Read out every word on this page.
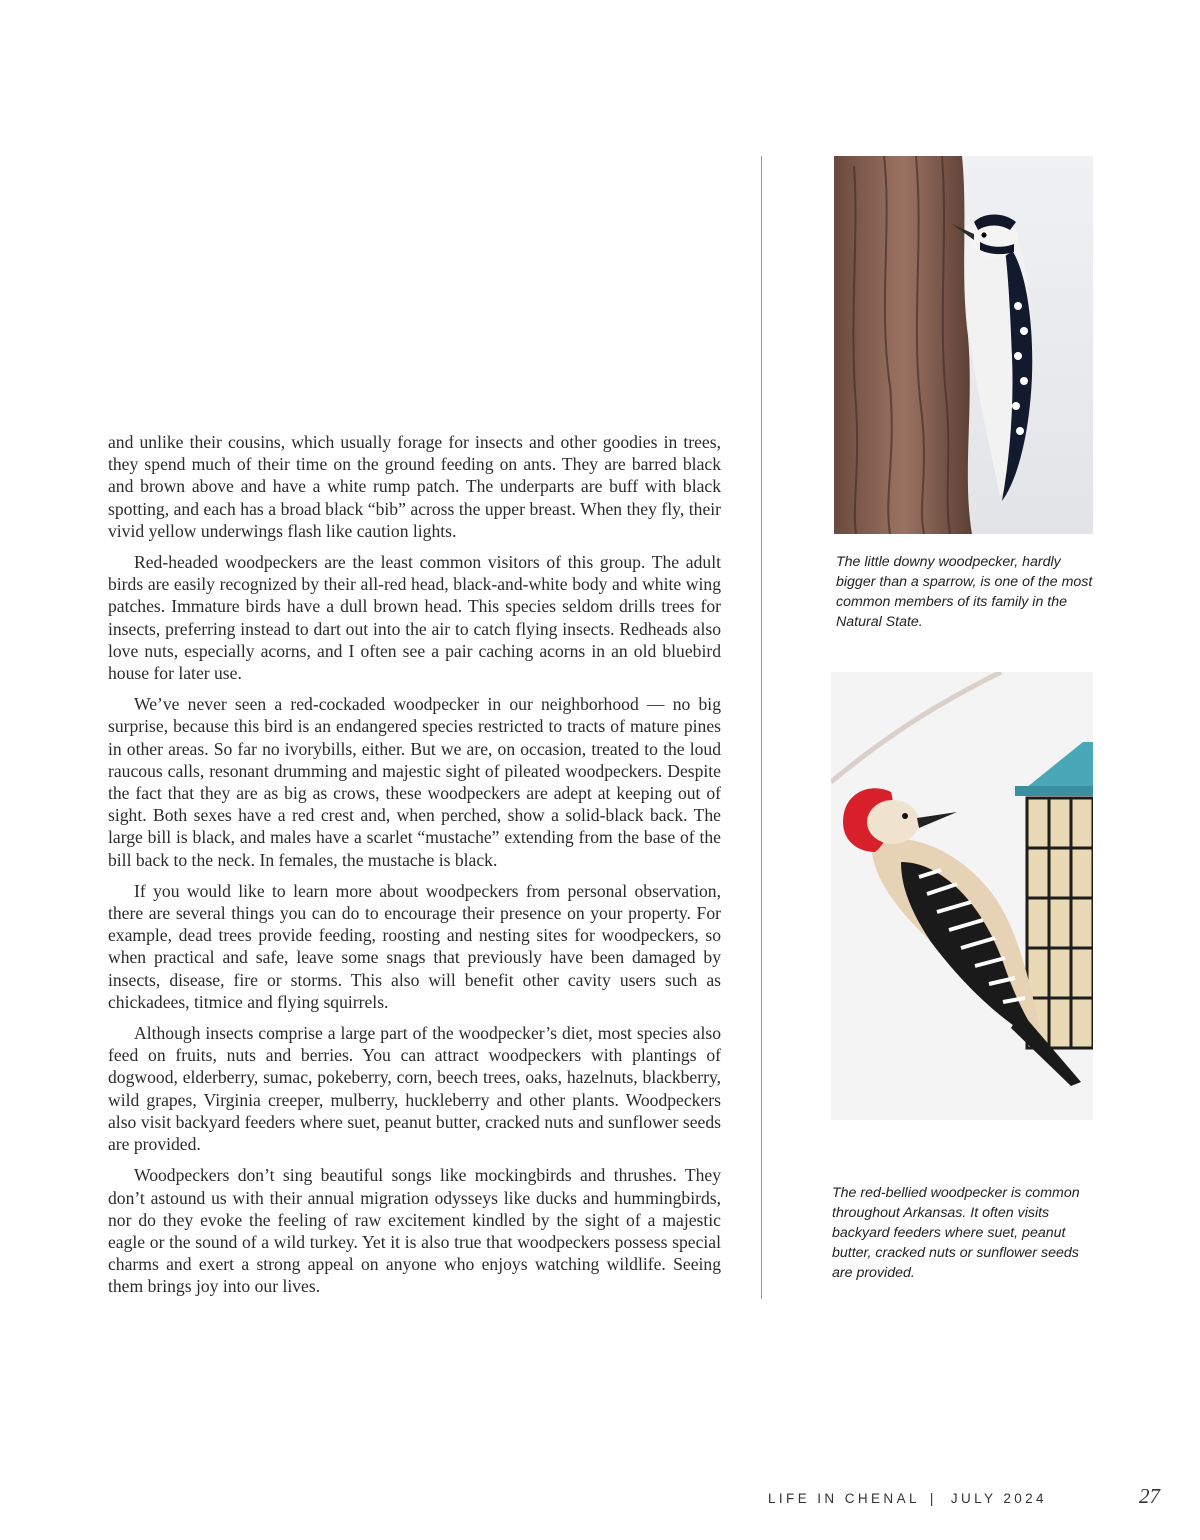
and unlike their cousins, which usually forage for insects and other goodies in trees, they spend much of their time on the ground feeding on ants. They are barred black and brown above and have a white rump patch. The underparts are buff with black spotting, and each has a broad black “bib” across the upper breast. When they fly, their vivid yellow underwings flash like caution lights.

Red-headed woodpeckers are the least common visitors of this group. The adult birds are easily recognized by their all-red head, black-and-white body and white wing patches. Immature birds have a dull brown head. This species seldom drills trees for insects, preferring instead to dart out into the air to catch flying insects. Redheads also love nuts, especially acorns, and I often see a pair caching acorns in an old bluebird house for later use.

We’ve never seen a red-cockaded woodpecker in our neighborhood — no big surprise, because this bird is an endangered species restricted to tracts of mature pines in other areas. So far no ivorybills, either. But we are, on occasion, treated to the loud raucous calls, resonant drumming and majestic sight of pileated woodpeckers. Despite the fact that they are as big as crows, these woodpeckers are adept at keeping out of sight. Both sexes have a red crest and, when perched, show a solid-black back. The large bill is black, and males have a scarlet “mustache” extending from the base of the bill back to the neck. In females, the mustache is black.

If you would like to learn more about woodpeckers from personal observation, there are several things you can do to encourage their presence on your property. For example, dead trees provide feeding, roosting and nesting sites for woodpeckers, so when practical and safe, leave some snags that previously have been damaged by insects, disease, fire or storms. This also will benefit other cavity users such as chickadees, titmice and flying squirrels.

Although insects comprise a large part of the woodpecker’s diet, most species also feed on fruits, nuts and berries. You can attract woodpeckers with plantings of dogwood, elderberry, sumac, pokeberry, corn, beech trees, oaks, hazelnuts, blackberry, wild grapes, Virginia creeper, mulberry, huckleberry and other plants. Woodpeckers also visit backyard feeders where suet, peanut butter, cracked nuts and sunflower seeds are provided.

Woodpeckers don’t sing beautiful songs like mockingbirds and thrushes. They don’t astound us with their annual migration odysseys like ducks and hummingbirds, nor do they evoke the feeling of raw excitement kindled by the sight of a majestic eagle or the sound of a wild turkey. Yet it is also true that woodpeckers possess special charms and exert a strong appeal on anyone who enjoys watching wildlife. Seeing them brings joy into our lives.

The little downy woodpecker, hardly bigger than a sparrow, is one of the most common members of its family in the Natural State.
The red-bellied woodpecker is common throughout Arkansas. It often visits backyard feeders where suet, peanut butter, cracked nuts or sunflower seeds are provided.
LIFE IN CHENAL | JULY 2024	27
